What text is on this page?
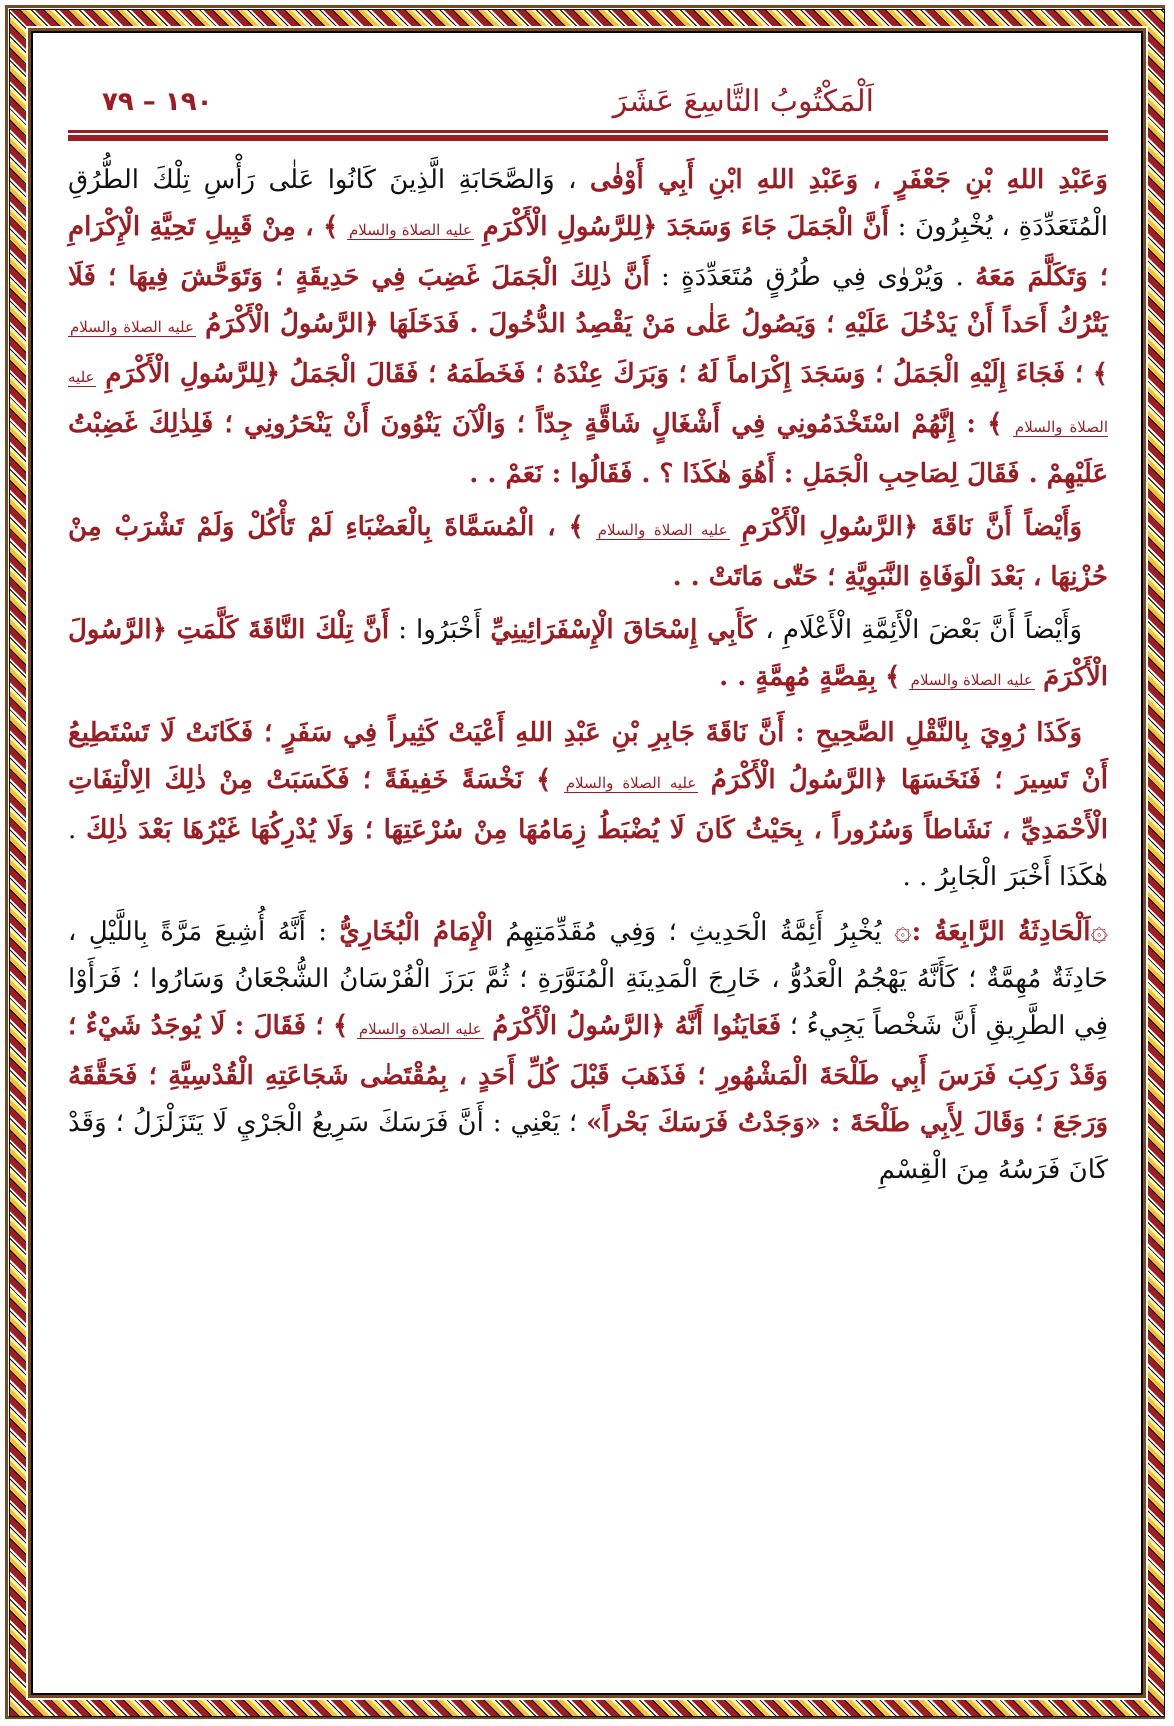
اَلْمَكْتُوبُ التَّاسِعَ عَشَرَ
١٩٠ – ٧٩

وَعَبْدِ اللهِ بْنِ جَعْفَرٍ ، وَعَبْدِ اللهِ ابْنِ أَبِي أَوْفٰى ، وَالصَّحَابَةِ الَّذِينَ كَانُوا عَلٰى رَأْسِ تِلْكَ الطُّرُقِ الْمُتَعَدِّدَةِ ، يُخْبِرُونَ : أَنَّ الْجَمَلَ جَاءَ وَسَجَدَ ﴿لِلرَّسُولِ الْأَكْرَمِ عليه الصلاة والسلام ﴾ ، مِنْ قَبِيلِ تَحِيَّةِ الْإِكْرَامِ ؛ وَتَكَلَّمَ مَعَهُ . وَيُرْوٰى فِي طُرُقٍ مُتَعَدِّدَةٍ : أَنَّ ذٰلِكَ الْجَمَلَ غَضِبَ فِي حَدِيقَةٍ ؛ وَتَوَحَّشَ فِيهَا ؛ فَلَا يَتْرُكُ أَحَداً أَنْ يَدْخُلَ عَلَيْهِ ؛ وَيَصُولُ عَلٰى مَنْ يَقْصِدُ الدُّخُولَ . فَدَخَلَهَا ﴿الرَّسُولُ الْأَكْرَمُ عليه الصلاة والسلام ﴾ ؛ فَجَاءَ إِلَيْهِ الْجَمَلُ ؛ وَسَجَدَ إِكْرَاماً لَهُ ؛ وَبَرَكَ عِنْدَهُ ؛ فَخَطَمَهُ ؛ فَقَالَ الْجَمَلُ ﴿لِلرَّسُولِ الْأَكْرَمِ عليه الصلاة والسلام ﴾ : إِنَّهُمْ اسْتَخْدَمُونِي فِي أَشْغَالٍ شَاقَّةٍ جِدّاً ؛ وَالْآنَ يَنْوُونَ أَنْ يَنْحَرُونِي ؛ فَلِذٰلِكَ غَضِبْتُ عَلَيْهِمْ . فَقَالَ لِصَاحِبِ الْجَمَلِ : أَهُوَ هٰكَذَا ؟ . فَقَالُوا : نَعَمْ . .

وَأَيْضاً أَنَّ نَاقَةَ ﴿الرَّسُولِ الْأَكْرَمِ عليه الصلاة والسلام ﴾ ، الْمُسَمَّاةَ بِالْعَضْبَاءِ لَمْ تَأْكُلْ وَلَمْ تَشْرَبْ مِنْ حُزْنِهَا ، بَعْدَ الْوَفَاةِ النَّبَوِيَّةِ ؛ حَتّٰى مَاتَتْ . .

وَأَيْضاً أَنَّ بَعْضَ الْأَئِمَّةِ الْأَعْلَامِ ، كَأَبِي إِسْحَاقَ الْإِسْفَرَائِينِيِّ أَخْبَرُوا : أَنَّ تِلْكَ النَّاقَةَ كَلَّمَتِ ﴿الرَّسُولَ الْأَكْرَمَ عليه الصلاة والسلام ﴾ بِقِصَّةٍ مُهِمَّةٍ . .

وَكَذَا رُوِيَ بِالنَّقْلِ الصَّحِيحِ : أَنَّ نَاقَةَ جَابِرِ بْنِ عَبْدِ اللهِ أَعْيَتْ كَثِيراً فِي سَفَرٍ ؛ فَكَانَتْ لَا تَسْتَطِيعُ أَنْ تَسِيرَ ؛ فَنَخَسَهَا ﴿الرَّسُولُ الْأَكْرَمُ عليه الصلاة والسلام ﴾ نَخْسَةً خَفِيفَةً ؛ فَكَسَبَتْ مِنْ ذٰلِكَ الِالْتِفَاتِ الْأَحْمَدِيِّ ، نَشَاطاً وَسُرُوراً ، بِحَيْثُ كَانَ لَا يُضْبَطُ زِمَامُهَا مِنْ سُرْعَتِهَا ؛ وَلَا يُدْرِكُهَا غَيْرُهَا بَعْدَ ذٰلِكَ . هٰكَذَا أَخْبَرَ الْجَابِرُ . .

۞اَلْحَادِثَةُ الرَّابِعَةُ :۞ يُخْبِرُ أَئِمَّةُ الْحَدِيثِ ؛ وَفِي مُقَدِّمَتِهِمُ الْإِمَامُ الْبُخَارِيُّ : أَنَّهُ أُشِيعَ مَرَّةً بِاللَّيْلِ ، حَادِثَةٌ مُهِمَّةٌ ؛ كَأَنَّهُ يَهْجُمُ الْعَدُوُّ ، خَارِجَ الْمَدِينَةِ الْمُنَوَّرَةِ ؛ ثُمَّ بَرَزَ الْفُرْسَانُ الشُّجْعَانُ وَسَارُوا ؛ فَرَأَوْا فِي الطَّرِيقِ أَنَّ شَخْصاً يَجِيءُ ؛ فَعَايَنُوا أَنَّهُ ﴿الرَّسُولُ الْأَكْرَمُ عليه الصلاة والسلام ﴾ ؛ فَقَالَ : لَا يُوجَدُ شَيْءٌ ؛ وَقَدْ رَكِبَ فَرَسَ أَبِي طَلْحَةَ الْمَشْهُورِ ؛ فَذَهَبَ قَبْلَ كُلِّ أَحَدٍ ، بِمُقْتَضٰى شَجَاعَتِهِ الْقُدْسِيَّةِ ؛ فَحَقَّقَهُ وَرَجَعَ ؛ وَقَالَ لِأَبِي طَلْحَةَ : «وَجَدْتُ فَرَسَكَ بَحْراً» ؛ يَعْنِي : أَنَّ فَرَسَكَ سَرِيعُ الْجَرْيِ لَا يَتَزَلْزَلُ ؛ وَقَدْ كَانَ فَرَسُهُ مِنَ الْقِسْمِ
